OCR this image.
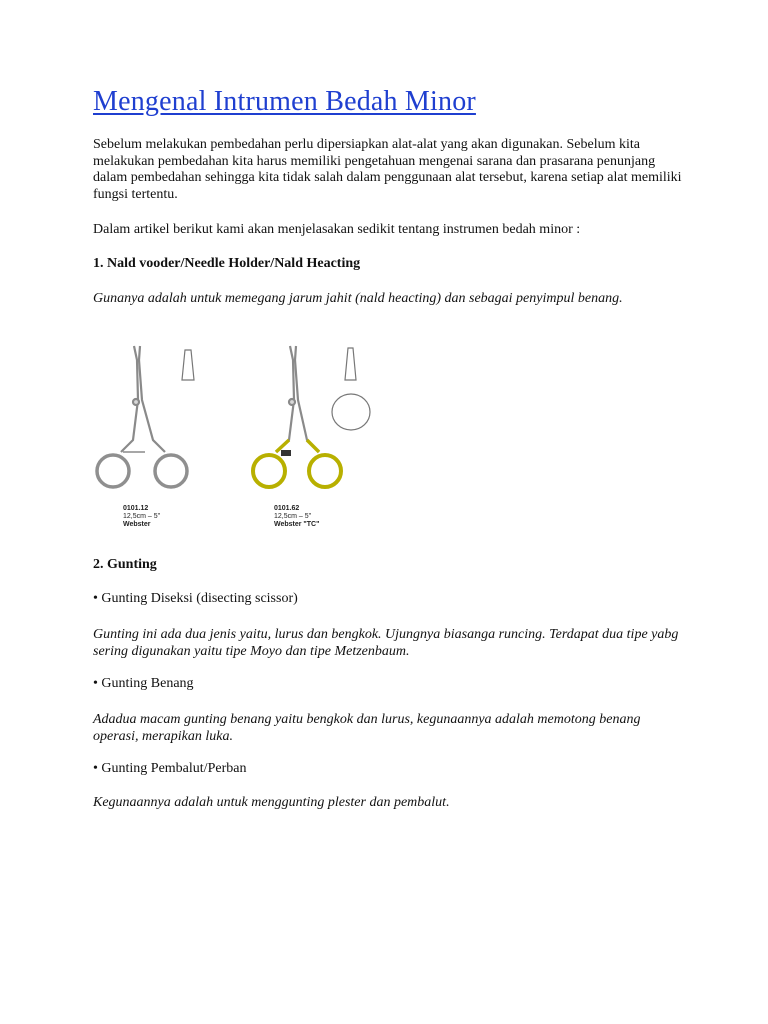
Mengenal Intrumen Bedah Minor

Sebelum melakukan pembedahan perlu dipersiapkan alat-alat yang akan digunakan. Sebelum kita melakukan pembedahan kita harus memiliki pengetahuan mengenai sarana dan prasarana penunjang dalam pembedahan sehingga kita tidak salah dalam penggunaan alat tersebut, karena setiap alat memiliki fungsi tertentu.

Dalam artikel berikut kami akan menjelasakan sedikit tentang instrumen bedah minor :

1. Nald vooder/Needle Holder/Nald Heacting

Gunanya adalah untuk memegang jarum jahit (nald heacting) dan sebagai penyimpul benang.

0101.12
12,5cm – 5"
Webster
0101.62
12,5cm – 5"
Webster "TC"

2. Gunting

• Gunting Diseksi (disecting scissor)

Gunting ini ada dua jenis yaitu, lurus dan bengkok. Ujungnya biasanga runcing. Terdapat dua tipe yabg sering digunakan yaitu tipe Moyo dan tipe Metzenbaum.

• Gunting Benang

Adadua macam gunting benang yaitu bengkok dan lurus, kegunaannya adalah memotong benang operasi, merapikan luka.

• Gunting Pembalut/Perban

Kegunaannya adalah untuk menggunting plester dan pembalut.
